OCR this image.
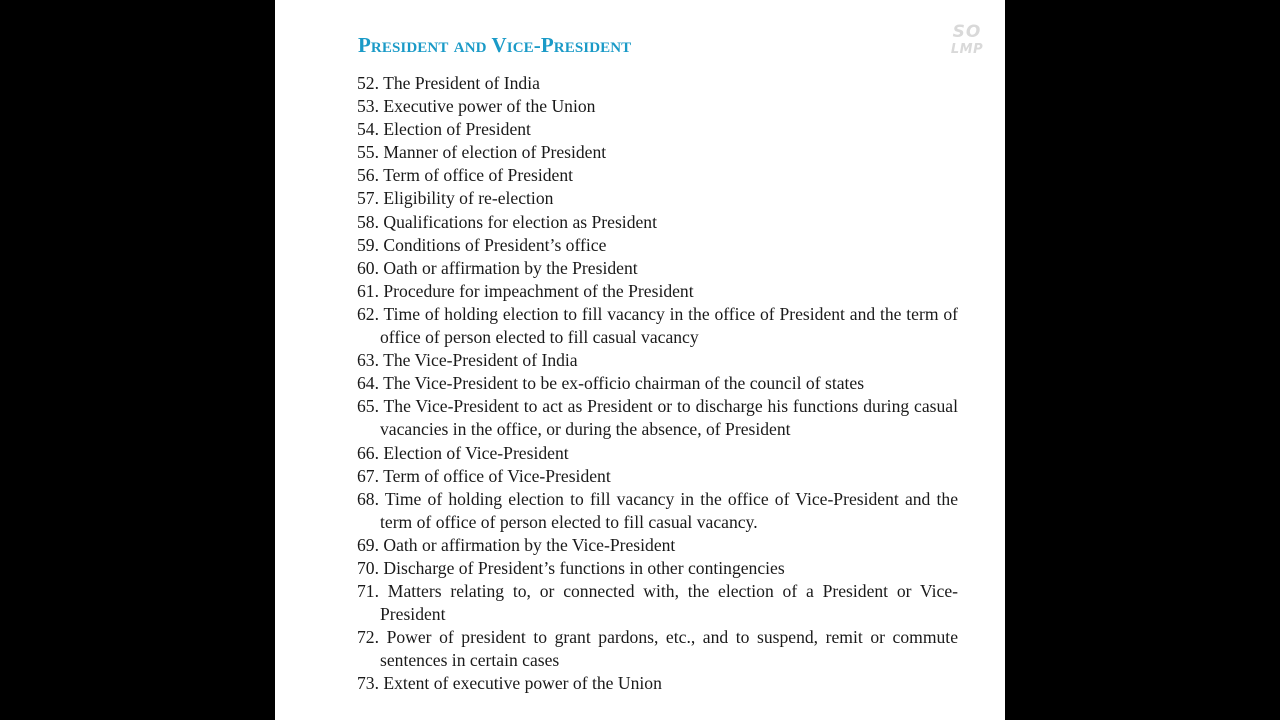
President and Vice-President
52 . The President of India
53 . Executive power of the Union
54 . Election of President
55 . Manner of election of President
56 . Term of office of President
57 . Eligibility of re-election
58 . Qualifications for election as President
59 . Conditions of President’s office
60 . Oath or affirmation by the President
61 . Procedure for impeachment of the President
62 . Time of holding election to fill vacancy in the office of President and the term of office of person elected to fill casual vacancy
63 . The Vice-President of India
64 . The Vice-President to be ex-officio chairman of the council of states
65 . The Vice-President to act as President or to discharge his functions during casual vacancies in the office, or during the absence, of President
66 . Election of Vice-President
67 . Term of office of Vice-President
68 . Time of holding election to fill vacancy in the office of Vice-President and the term of office of person elected to fill casual vacancy.
69 . Oath or affirmation by the Vice-President
70 . Discharge of President’s functions in other contingencies
71 . Matters relating to, or connected with, the election of a President or Vice-President
72 . Power of president to grant pardons, etc., and to suspend, remit or commute sentences in certain cases
73 . Extent of executive power of the Union
SO
LMP
